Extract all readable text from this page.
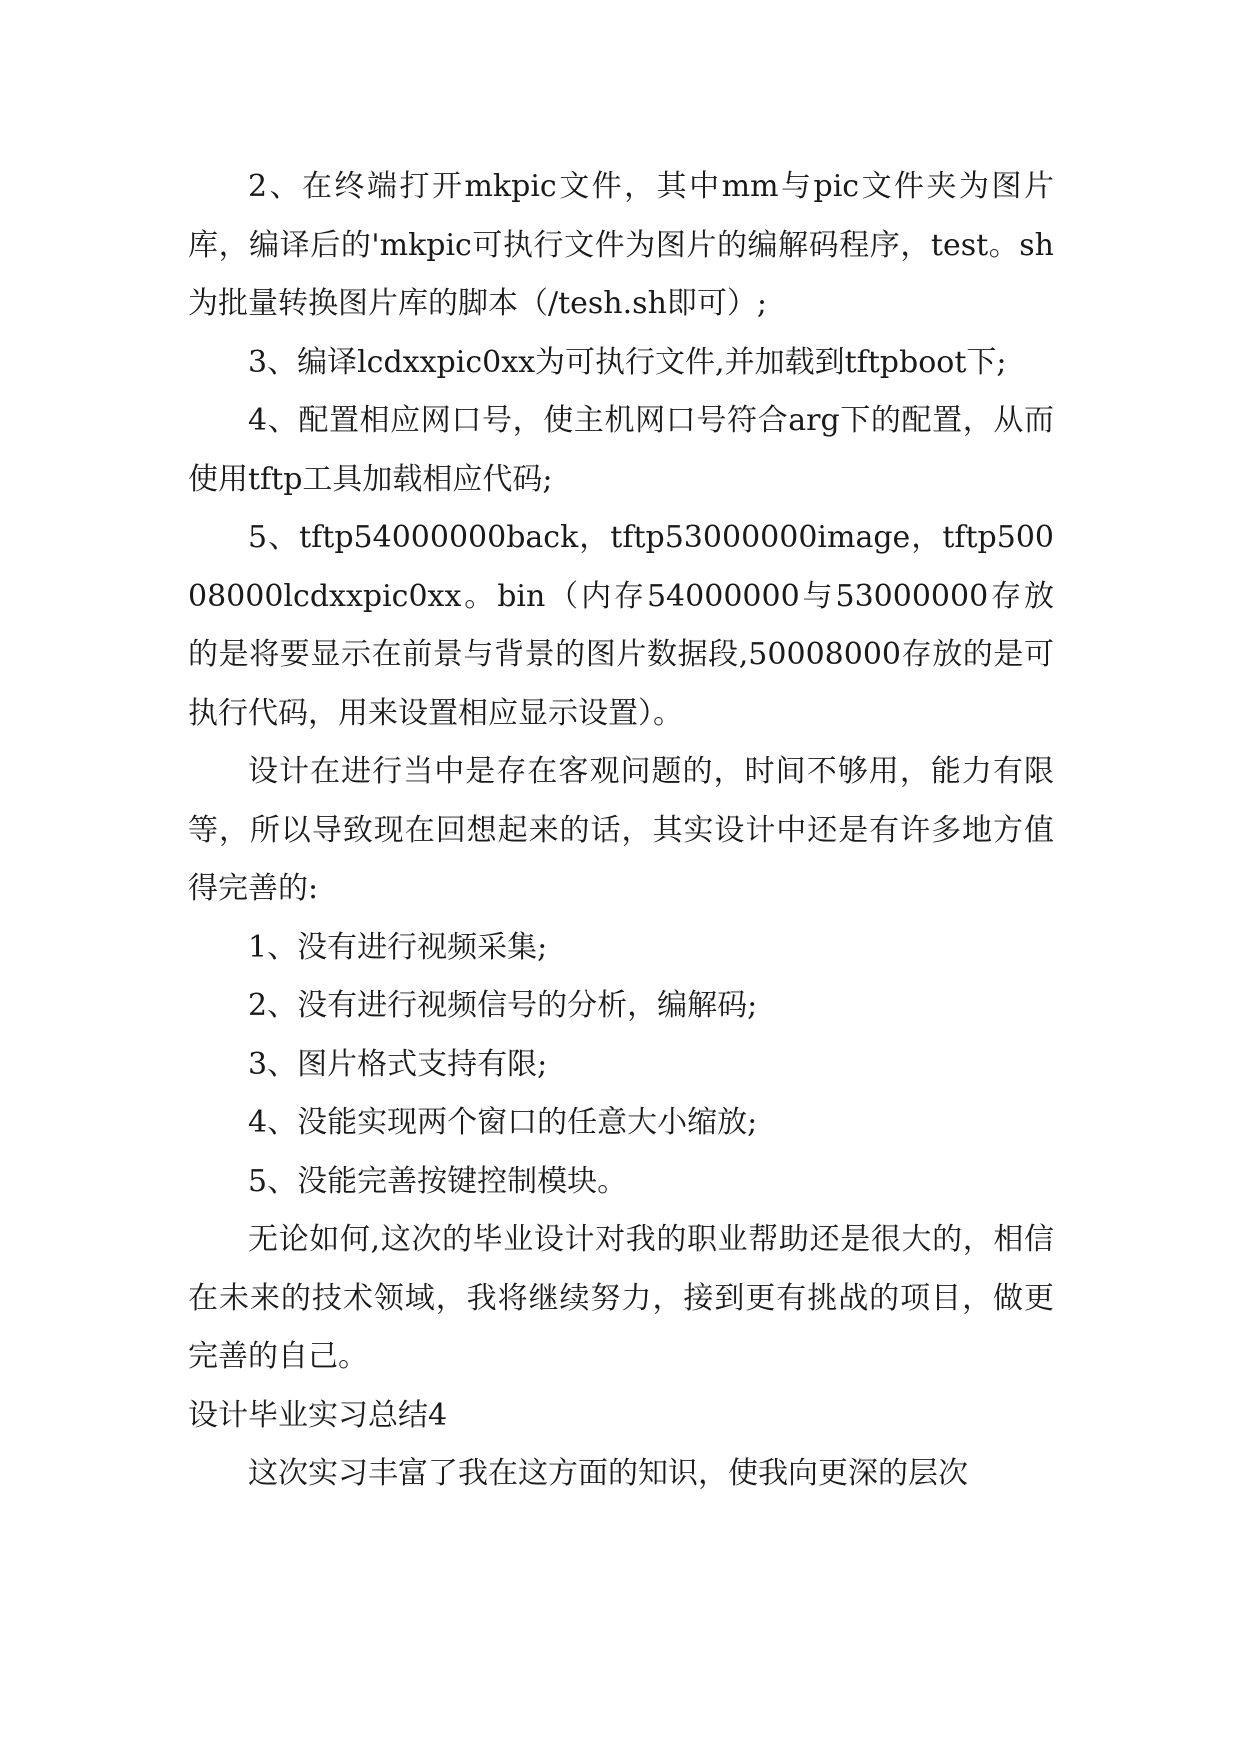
2、在终端打开mkpic文件，其中mm与pic文件夹为图片库，编译后的'mkpic可执行文件为图片的编解码程序，test。sh为批量转换图片库的脚本（/tesh.sh即可）;

3、编译lcdxxpic0xx为可执行文件,并加载到tftpboot下;

4、配置相应网口号，使主机网口号符合arg下的配置，从而使用tftp工具加载相应代码;

5、tftp54000000back，tftp53000000image，tftp50008000lcdxxpic0xx。bin（内存54000000与53000000存放的是将要显示在前景与背景的图片数据段,50008000存放的是可执行代码，用来设置相应显示设置）。

设计在进行当中是存在客观问题的，时间不够用，能力有限等，所以导致现在回想起来的话，其实设计中还是有许多地方值得完善的:

1、没有进行视频采集;

2、没有进行视频信号的分析，编解码;

3、图片格式支持有限;

4、没能实现两个窗口的任意大小缩放;

5、没能完善按键控制模块。

无论如何,这次的毕业设计对我的职业帮助还是很大的，相信在未来的技术领域，我将继续努力，接到更有挑战的项目，做更完善的自己。

设计毕业实习总结4

这次实习丰富了我在这方面的知识，使我向更深的层次
